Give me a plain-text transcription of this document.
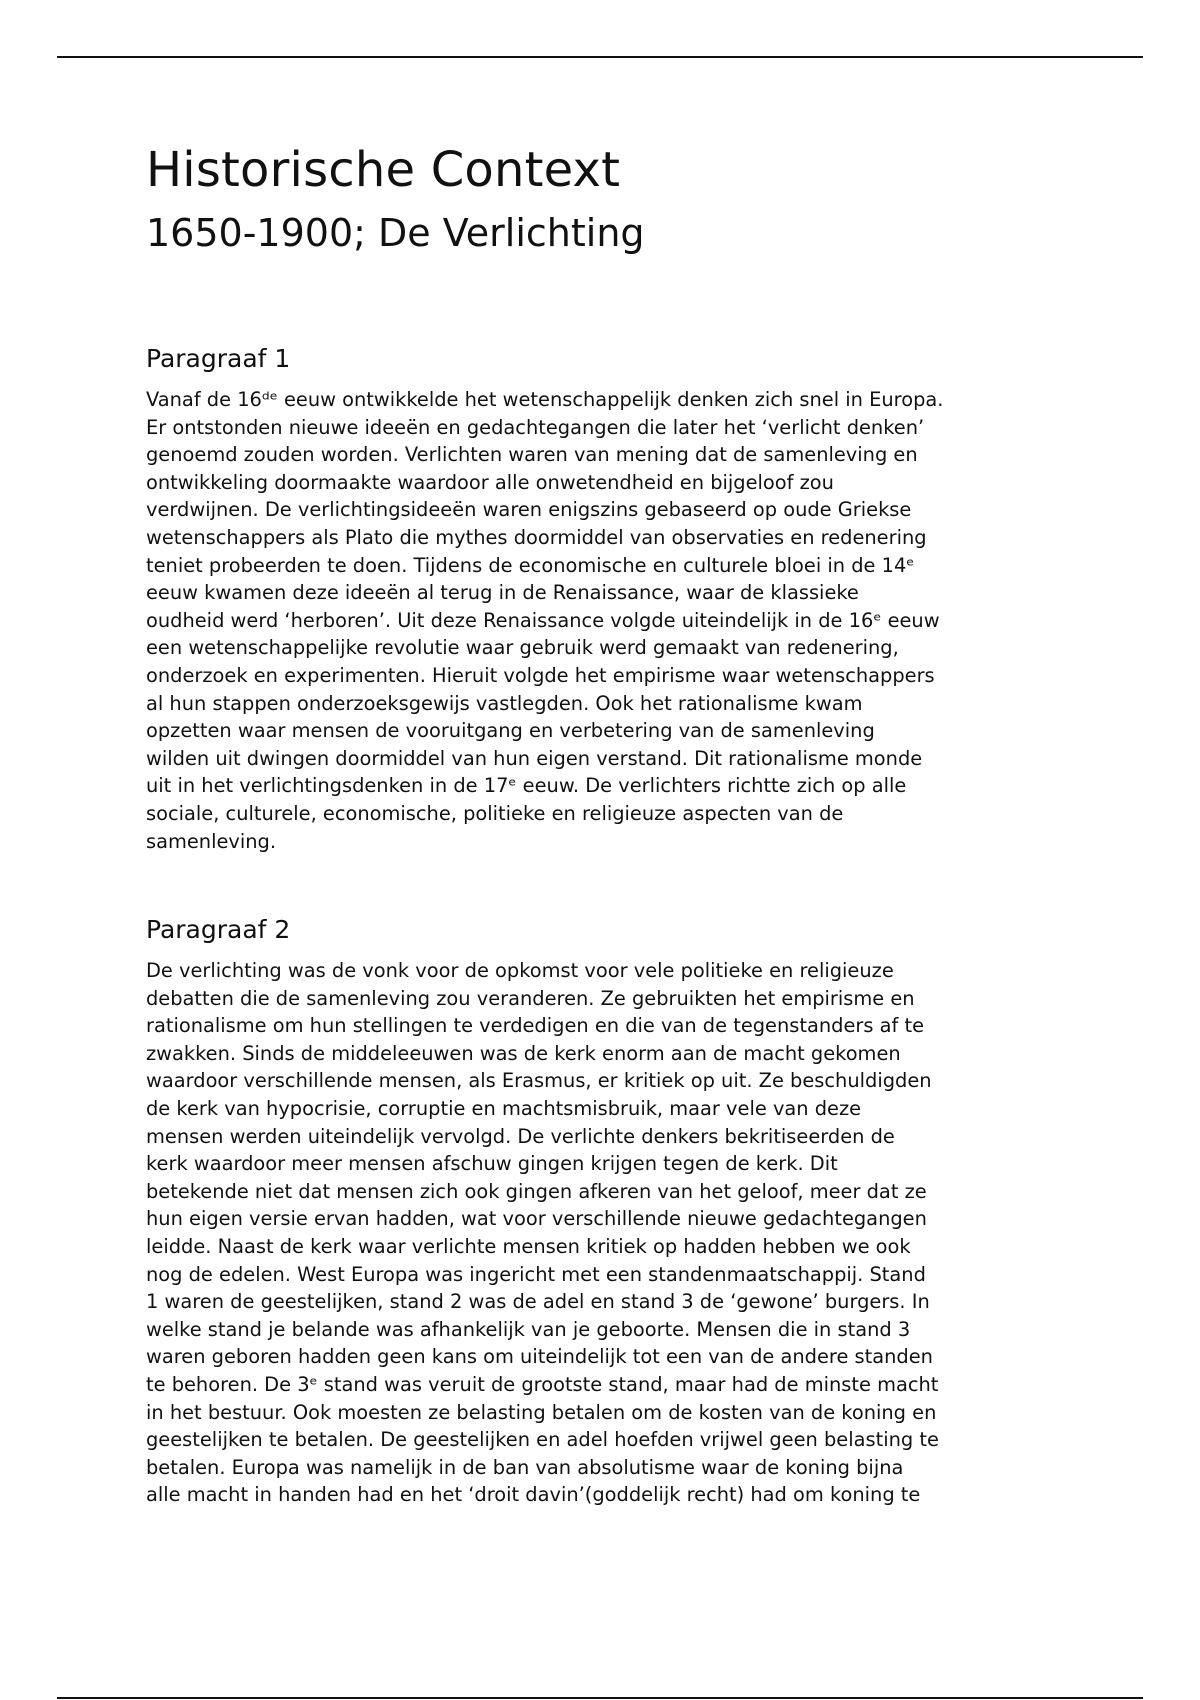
Historische Context
1650-1900; De Verlichting
Paragraaf 1

Vanaf de 16ᵈᵉ eeuw ontwikkelde het wetenschappelijk denken zich snel in Europa.
Er ontstonden nieuwe ideeën en gedachtegangen die later het ‘verlicht denken’
genoemd zouden worden. Verlichten waren van mening dat de samenleving en
ontwikkeling doormaakte waardoor alle onwetendheid en bijgeloof zou
verdwijnen. De verlichtingsideeën waren enigszins gebaseerd op oude Griekse
wetenschappers als Plato die mythes doormiddel van observaties en redenering
teniet probeerden te doen. Tijdens de economische en culturele bloei in de 14ᵉ
eeuw kwamen deze ideeën al terug in de Renaissance, waar de klassieke
oudheid werd ‘herboren’. Uit deze Renaissance volgde uiteindelijk in de 16ᵉ eeuw
een wetenschappelijke revolutie waar gebruik werd gemaakt van redenering,
onderzoek en experimenten. Hieruit volgde het empirisme waar wetenschappers
al hun stappen onderzoeksgewijs vastlegden. Ook het rationalisme kwam
opzetten waar mensen de vooruitgang en verbetering van de samenleving
wilden uit dwingen doormiddel van hun eigen verstand. Dit rationalisme monde
uit in het verlichtingsdenken in de 17ᵉ eeuw. De verlichters richtte zich op alle
sociale, culturele, economische, politieke en religieuze aspecten van de
samenleving.

Paragraaf 2

De verlichting was de vonk voor de opkomst voor vele politieke en religieuze
debatten die de samenleving zou veranderen. Ze gebruikten het empirisme en
rationalisme om hun stellingen te verdedigen en die van de tegenstanders af te
zwakken. Sinds de middeleeuwen was de kerk enorm aan de macht gekomen
waardoor verschillende mensen, als Erasmus, er kritiek op uit. Ze beschuldigden
de kerk van hypocrisie, corruptie en machtsmisbruik, maar vele van deze
mensen werden uiteindelijk vervolgd. De verlichte denkers bekritiseerden de
kerk waardoor meer mensen afschuw gingen krijgen tegen de kerk. Dit
betekende niet dat mensen zich ook gingen afkeren van het geloof, meer dat ze
hun eigen versie ervan hadden, wat voor verschillende nieuwe gedachtegangen
leidde. Naast de kerk waar verlichte mensen kritiek op hadden hebben we ook
nog de edelen. West Europa was ingericht met een standenmaatschappij. Stand
1 waren de geestelijken, stand 2 was de adel en stand 3 de ‘gewone’ burgers. In
welke stand je belande was afhankelijk van je geboorte. Mensen die in stand 3
waren geboren hadden geen kans om uiteindelijk tot een van de andere standen
te behoren. De 3ᵉ stand was veruit de grootste stand, maar had de minste macht
in het bestuur. Ook moesten ze belasting betalen om de kosten van de koning en
geestelijken te betalen. De geestelijken en adel hoefden vrijwel geen belasting te
betalen. Europa was namelijk in de ban van absolutisme waar de koning bijna
alle macht in handen had en het ‘droit davin’(goddelijk recht) had om koning te
